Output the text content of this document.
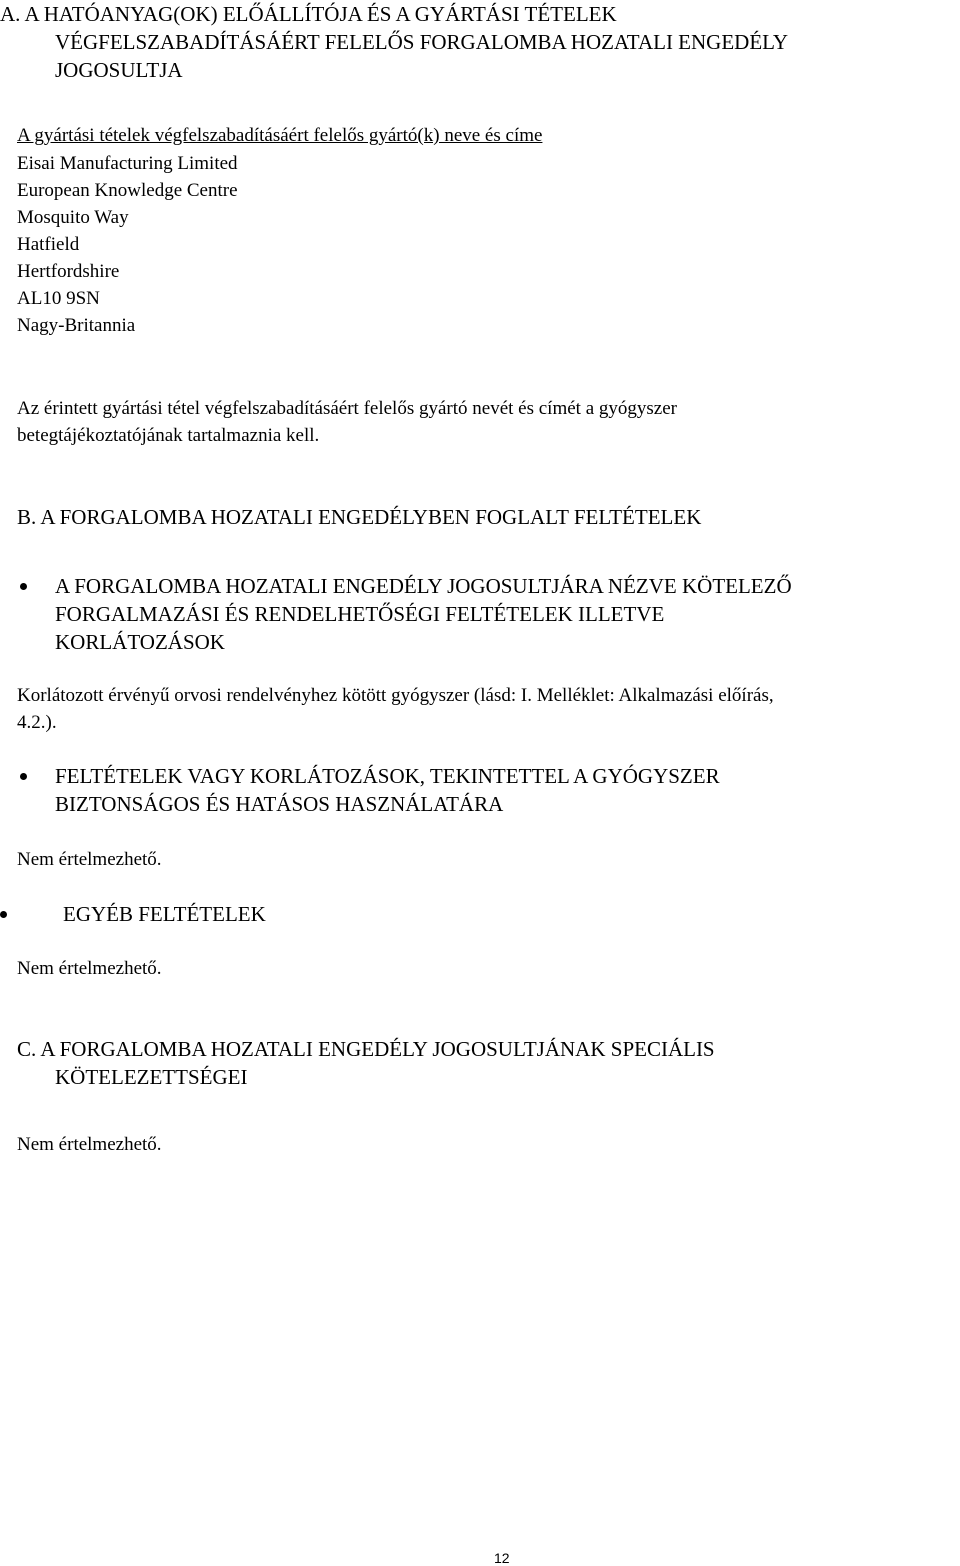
A. A HATÓANYAG(OK) ELŐÁLLÍTÓJA ÉS A GYÁRTÁSI TÉTELEK
VÉGFELSZABADÍTÁSÁÉRT FELELŐS FORGALOMBA HOZATALI ENGEDÉLY
JOGOSULTJA
A gyártási tételek végfelszabadításáért felelős gyártó(k) neve és címe
Eisai Manufacturing Limited
European Knowledge Centre
Mosquito Way
Hatfield
Hertfordshire
AL10 9SN
Nagy-Britannia
Az érintett gyártási tétel végfelszabadításáért felelős gyártó nevét és címét a gyógyszer
betegtájékoztatójának tartalmaznia kell.
B. A FORGALOMBA HOZATALI ENGEDÉLYBEN FOGLALT FELTÉTELEK
A FORGALOMBA HOZATALI ENGEDÉLY JOGOSULTJÁRA NÉZVE KÖTELEZŐ
FORGALMAZÁSI ÉS RENDELHETŐSÉGI FELTÉTELEK ILLETVE
KORLÁTOZÁSOK
Korlátozott érvényű orvosi rendelvényhez kötött gyógyszer (lásd: I. Melléklet: Alkalmazási előírás,
4.2.).
FELTÉTELEK VAGY KORLÁTOZÁSOK, TEKINTETTEL A GYÓGYSZER
BIZTONSÁGOS ÉS HATÁSOS HASZNÁLATÁRA
Nem értelmezhető.
EGYÉB FELTÉTELEK
Nem értelmezhető.
C. A FORGALOMBA HOZATALI ENGEDÉLY JOGOSULTJÁNAK SPECIÁLIS
KÖTELEZETTSÉGEI
Nem értelmezhető.
12
